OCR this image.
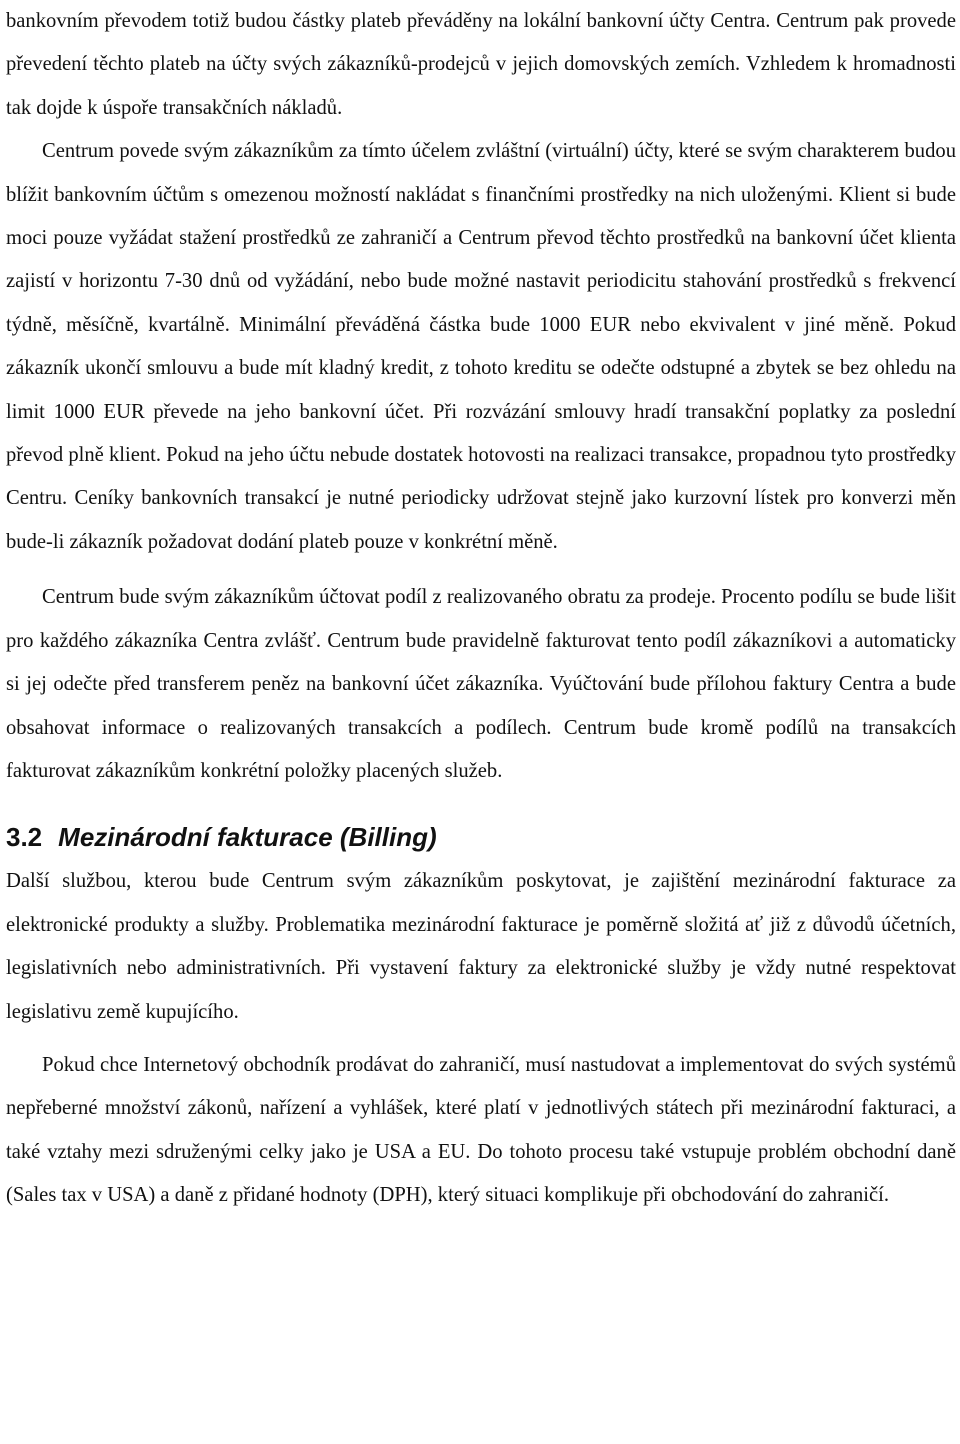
bankovním převodem totiž budou částky plateb převáděny na lokální bankovní účty Centra. Centrum pak provede převedení těchto plateb na účty svých zákazníků-prodejců v jejich domovských zemích. Vzhledem k hromadnosti tak dojde k úspoře transakčních nákladů.

Centrum povede svým zákazníkům za tímto účelem zvláštní (virtuální) účty, které se svým charakterem budou blížit bankovním účtům s omezenou možností nakládat s finančními prostředky na nich uloženými. Klient si bude moci pouze vyžádat stažení prostředků ze zahraničí a Centrum převod těchto prostředků na bankovní účet klienta zajistí v horizontu 7-30 dnů od vyžádání, nebo bude možné nastavit periodicitu stahování prostředků s frekvencí týdně, měsíčně, kvartálně. Minimální převáděná částka bude 1000 EUR nebo ekvivalent v jiné měně. Pokud zákazník ukončí smlouvu a bude mít kladný kredit, z tohoto kreditu se odečte odstupné a zbytek se bez ohledu na limit 1000 EUR převede na jeho bankovní účet. Při rozvázání smlouvy hradí transakční poplatky za poslední převod plně klient. Pokud na jeho účtu nebude dostatek hotovosti na realizaci transakce, propadnou tyto prostředky Centru. Ceníky bankovních transakcí je nutné periodicky udržovat stejně jako kurzovní lístek pro konverzi měn bude-li zákazník požadovat dodání plateb pouze v konkrétní měně.

Centrum bude svým zákazníkům účtovat podíl z realizovaného obratu za prodeje. Procento podílu se bude lišit pro každého zákazníka Centra zvlášť. Centrum bude pravidelně fakturovat tento podíl zákazníkovi a automaticky si jej odečte před transferem peněz na bankovní účet zákazníka. Vyúčtování bude přílohou faktury Centra a bude obsahovat informace o realizovaných transakcích a podílech. Centrum bude kromě podílů na transakcích fakturovat zákazníkům konkrétní položky placených služeb.

3.2 Mezinárodní fakturace (Billing)

Další službou, kterou bude Centrum svým zákazníkům poskytovat, je zajištění mezinárodní fakturace za elektronické produkty a služby. Problematika mezinárodní fakturace je poměrně složitá ať již z důvodů účetních, legislativních nebo administrativních. Při vystavení faktury za elektronické služby je vždy nutné respektovat legislativu země kupujícího.

Pokud chce Internetový obchodník prodávat do zahraničí, musí nastudovat a implementovat do svých systémů nepřeberné množství zákonů, nařízení a vyhlášek, které platí v jednotlivých státech při mezinárodní fakturaci, a také vztahy mezi sdruženými celky jako je USA a EU. Do tohoto procesu také vstupuje problém obchodní daně (Sales tax v USA) a daně z přidané hodnoty (DPH), který situaci komplikuje při obchodování do zahraničí.
